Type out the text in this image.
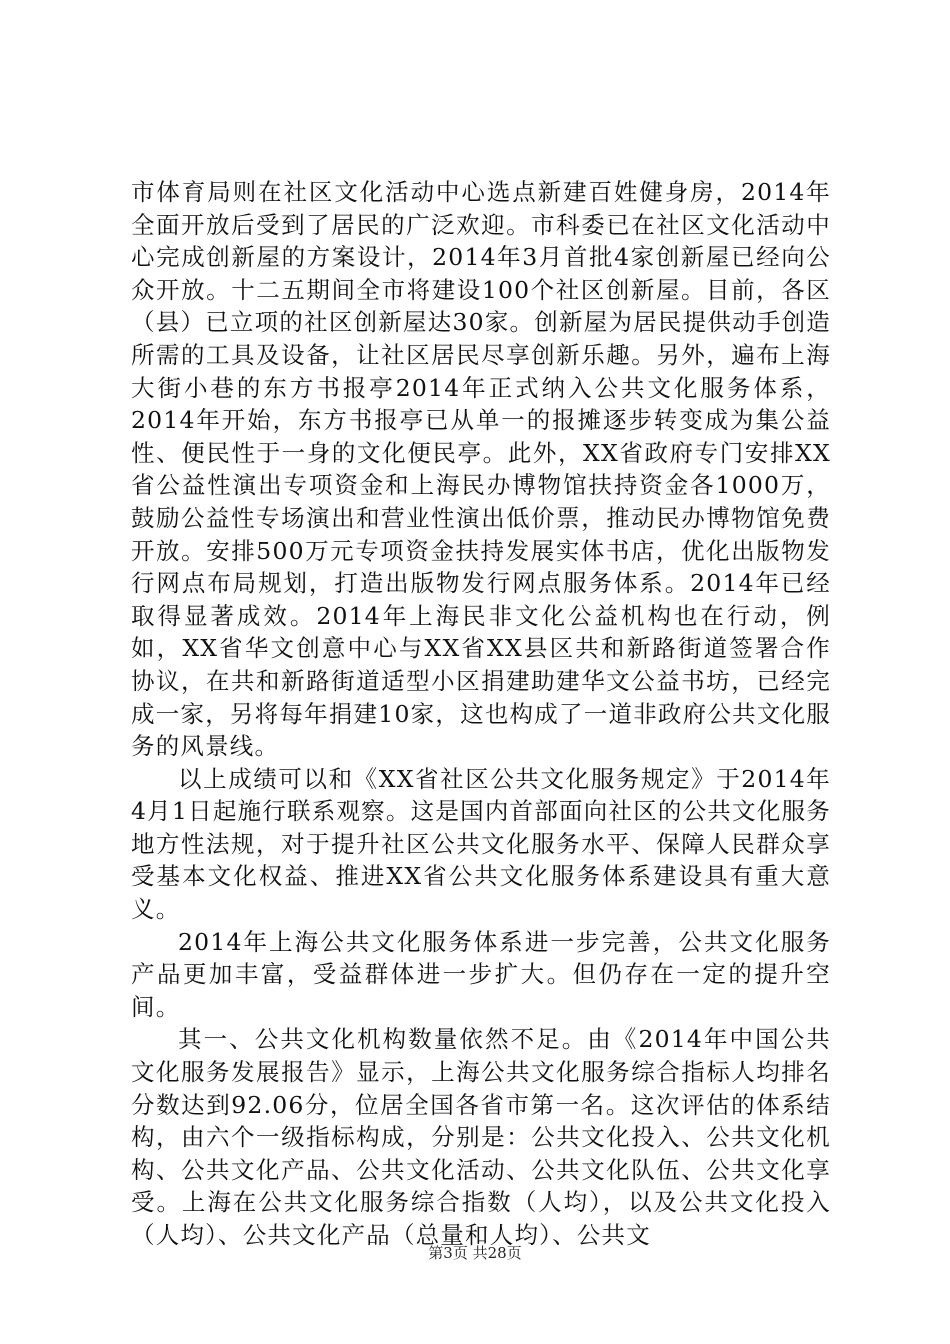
市体育局则在社区文化活动中心选点新建百姓健身房，2014年全面开放后受到了居民的广泛欢迎。市科委已在社区文化活动中心完成创新屋的方案设计，2014年3月首批4家创新屋已经向公众开放。十二五期间全市将建设100个社区创新屋。目前，各区（县）已立项的社区创新屋达30家。创新屋为居民提供动手创造所需的工具及设备，让社区居民尽享创新乐趣。另外，遍布上海大街小巷的东方书报亭2014年正式纳入公共文化服务体系，2014年开始，东方书报亭已从单一的报摊逐步转变成为集公益性、便民性于一身的文化便民亭。此外，XX省政府专门安排XX省公益性演出专项资金和上海民办博物馆扶持资金各1000万，鼓励公益性专场演出和营业性演出低价票，推动民办博物馆免费开放。安排500万元专项资金扶持发展实体书店，优化出版物发行网点布局规划，打造出版物发行网点服务体系。2014年已经取得显著成效。2014年上海民非文化公益机构也在行动，例如，XX省华文创意中心与XX省XX县区共和新路街道签署合作协议，在共和新路街道适型小区捐建助建华文公益书坊，已经完成一家，另将每年捐建10家，这也构成了一道非政府公共文化服务的风景线。

以上成绩可以和《XX省社区公共文化服务规定》于2014年4月1日起施行联系观察。这是国内首部面向社区的公共文化服务地方性法规，对于提升社区公共文化服务水平、保障人民群众享受基本文化权益、推进XX省公共文化服务体系建设具有重大意义。

2014年上海公共文化服务体系进一步完善，公共文化服务产品更加丰富，受益群体进一步扩大。但仍存在一定的提升空间。

其一、公共文化机构数量依然不足。由《2014年中国公共文化服务发展报告》显示，上海公共文化服务综合指标人均排名分数达到92.06分，位居全国各省市第一名。这次评估的体系结构，由六个一级指标构成，分别是：公共文化投入、公共文化机构、公共文化产品、公共文化活动、公共文化队伍、公共文化享受。上海在公共文化服务综合指数（人均），以及公共文化投入（人均）、公共文化产品（总量和人均）、公共文

第3页 共28页
